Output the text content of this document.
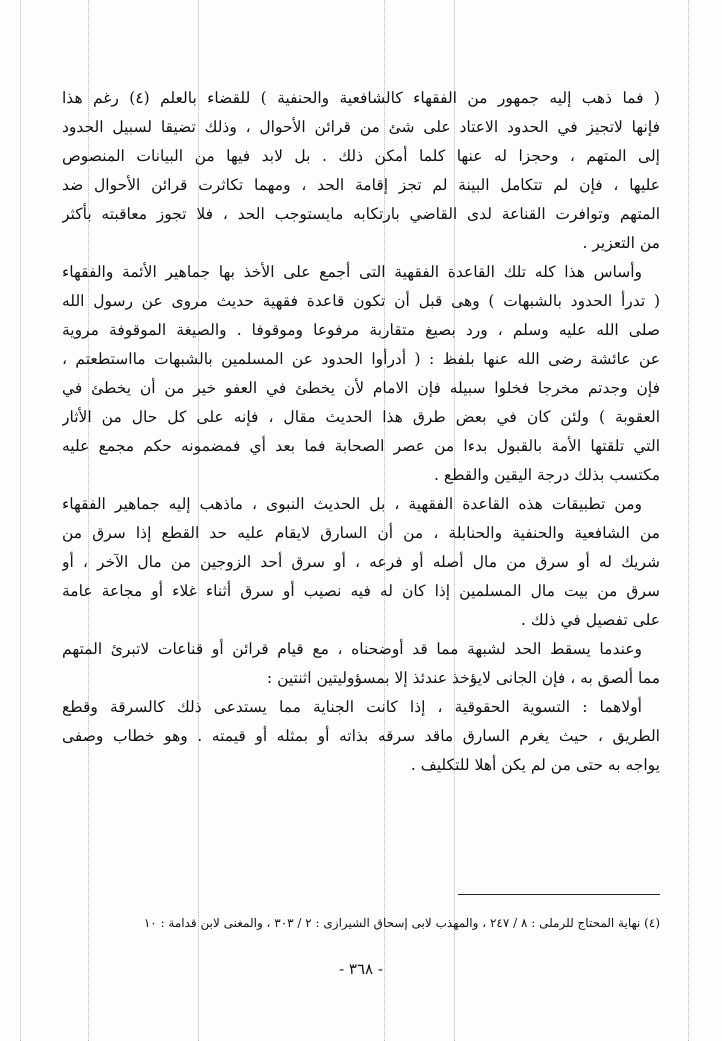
( فما ذهب إليه جمهور من الفقهاء كالشافعية والحنفية ) للقضاء بالعلم (٤) رغم هذا
فإنها لاتجيز في الحدود الاعتاد على شئ من قرائن الأحوال ، وذلك تضيقا لسبيل الحدود
إلى المتهم ، وحجزا له عنها كلما أمكن ذلك . بل لابد فيها من البيانات المنصوص
عليها ، فإن لم تتكامل البينة لم تجز إقامة الحد ، ومهما تكاثرت قرائن الأحوال ضد
المتهم وتوافرت القناعة لدى القاضي بارتكابه مايستوجب الحد ، فلا تجوز معاقبته بأكثر
من التعزير .
وأساس هذا كله تلك القاعدة الفقهية التى أجمع على الأخذ بها جماهير الأئمة والفقهاء
( تدرأ الحدود بالشبهات ) وهى قبل أن تكون قاعدة فقهية حديث مروى عن رسول الله
صلى الله عليه وسلم ، ورد بصيغ متقاربة مرفوعا وموقوفا . والصيغة الموقوفة مروية
عن عائشة رضى الله عنها بلفظ : ( أدرأوا الحدود عن المسلمين بالشبهات مااستطعتم ،
فإن وجدتم مخرجا فخلوا سبيله فإن الامام لأن يخطئ في العفو خير من أن يخطئ في
العقوبة ) ولئن كان في بعض طرق هذا الحديث مقال ، فإنه على كل حال من الأثار
التي تلقتها الأمة بالقبول بدءا من عصر الصحابة فما بعد أي فمضمونه حكم مجمع عليه
مكتسب بذلك درجة اليقين والقطع .
ومن تطبيقات هذه القاعدة الفقهية ، بل الحديث النبوى ، ماذهب إليه جماهير الفقهاء
من الشافعية والحنفية والحنابلة ، من أن السارق لايقام عليه حد القطع إذا سرق من
شريك له أو سرق من مال أصله أو فرعه ، أو سرق أحد الزوجين من مال الآخر ، أو
سرق من بيت مال المسلمين إذا كان له فيه نصيب أو سرق أثناء غلاء أو مجاعة عامة
على تفصيل في ذلك .
وعندما يسقط الحد لشبهة مما قد أوضحناه ، مع قيام قرائن أو قناعات لاتبرئ المتهم
مما ألصق به ، فإن الجانى لايؤخذ عندئذ إلا بمسؤوليتين اثنتين :
أولاهما : التسوية الحقوقية ، إذا كانت الجناية مما يستدعى ذلك كالسرقة وقطع
الطريق ، حيث يغرم السارق ماقد سرقه بذاته أو بمثله أو قيمته . وهو خطاب وصفى
يواجه به حتى من لم يكن أهلا للتكليف .
(٤) نهاية المحتاج للرملى : ٨ / ٢٤٧ ، والمهذب لابى إسحاق الشيرازى : ٢ / ٣٠٣ ، والمغنى لابن قدامة : ١٠
- ٣٦٨ -
